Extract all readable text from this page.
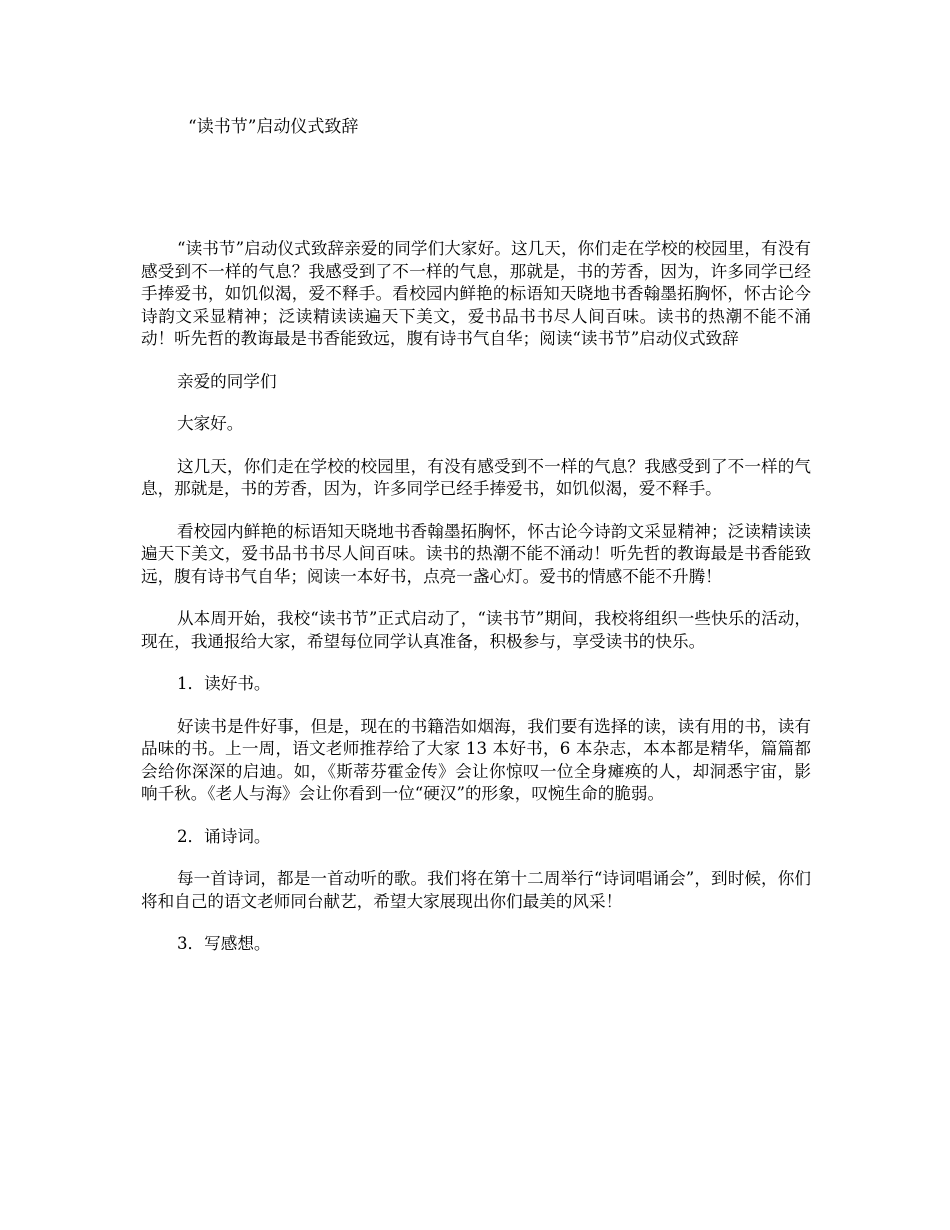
“读书节”启动仪式致辞

“读书节”启动仪式致辞亲爱的同学们大家好。这几天，你们走在学校的校园里，有没有感受到不一样的气息？我感受到了不一样的气息，那就是，书的芳香，因为，许多同学已经手捧爱书，如饥似渴，爱不释手。看校园内鲜艳的标语知天晓地书香翰墨拓胸怀，怀古论今诗韵文采显精神；泛读精读读遍天下美文，爱书品书书尽人间百味。读书的热潮不能不涌动！听先哲的教诲最是书香能致远，腹有诗书气自华；阅读“读书节”启动仪式致辞

亲爱的同学们

大家好。

这几天，你们走在学校的校园里，有没有感受到不一样的气息？我感受到了不一样的气息，那就是，书的芳香，因为，许多同学已经手捧爱书，如饥似渴，爱不释手。

看校园内鲜艳的标语知天晓地书香翰墨拓胸怀，怀古论今诗韵文采显精神；泛读精读读遍天下美文，爱书品书书尽人间百味。读书的热潮不能不涌动！听先哲的教诲最是书香能致远，腹有诗书气自华；阅读一本好书，点亮一盏心灯。爱书的情感不能不升腾！

从本周开始，我校“读书节”正式启动了，“读书节”期间，我校将组织一些快乐的活动，现在，我通报给大家，希望每位同学认真准备，积极参与，享受读书的快乐。

1．读好书。

好读书是件好事，但是，现在的书籍浩如烟海，我们要有选择的读，读有用的书，读有品味的书。上一周，语文老师推荐给了大家 13 本好书，6 本杂志，本本都是精华，篇篇都会给你深深的启迪。如，《斯蒂芬霍金传》会让你惊叹一位全身瘫痪的人，却洞悉宇宙，影响千秋。《老人与海》会让你看到一位“硬汉”的形象，叹惋生命的脆弱。

2．诵诗词。

每一首诗词，都是一首动听的歌。我们将在第十二周举行“诗词唱诵会”，到时候，你们将和自己的语文老师同台献艺，希望大家展现出你们最美的风采！

3．写感想。
